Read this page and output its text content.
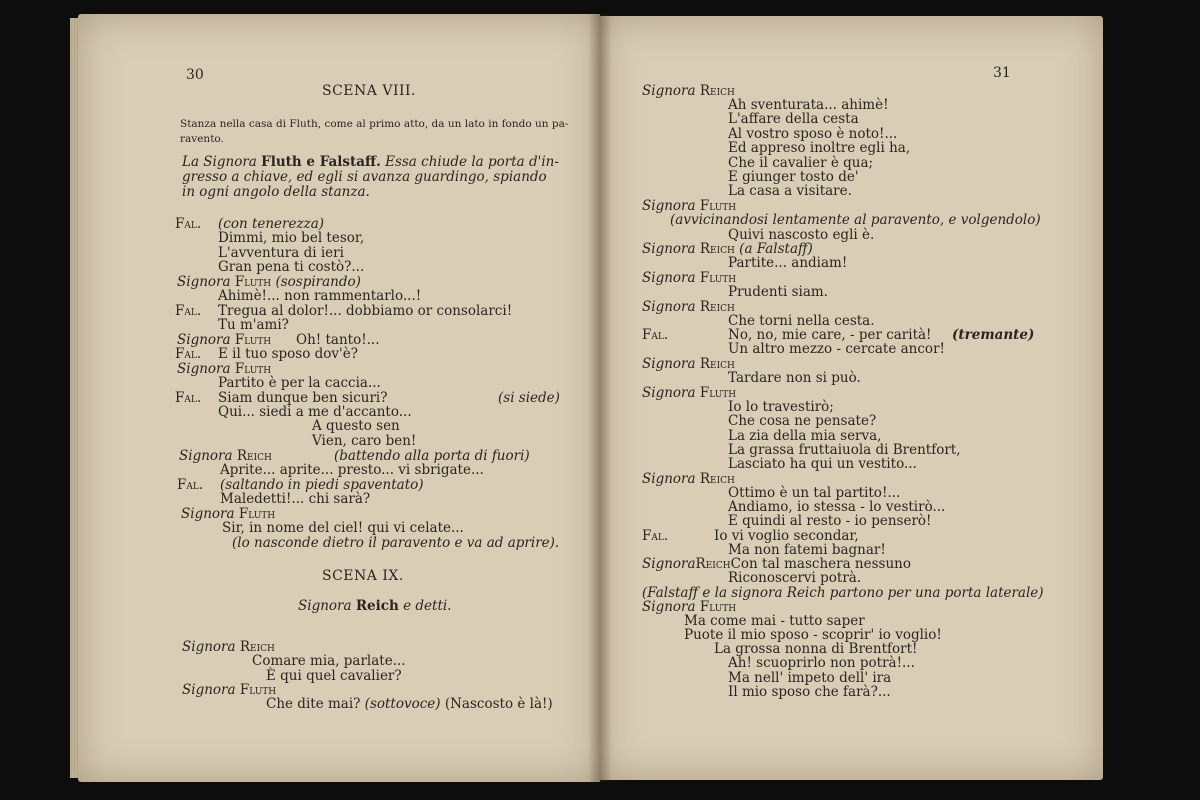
30
SCENA VIII.
Stanza nella casa di Fluth, come al primo atto, da un lato in fondo un pa-
ravento.
La Signora Fluth e Falstaff. Essa chiude la porta d'in-
gresso a chiave, ed egli si avanza guardingo, spiando
in ogni angolo della stanza.
Fal. (con tenerezza)
Dimmi, mio bel tesor,
L'avventura di ieri
Gran pena ti costò?...
Signora Fluth (sospirando)
Ahimè!... non rammentarlo...!
Fal. Tregua al dolor!... dobbiamo or consolarci!
Tu m'ami?
Signora Fluth Oh! tanto!...
Fal. E il tuo sposo dov'è?
Signora Fluth
Partito è per la caccia...
Fal. Siam dunque ben sicuri?	(si siede)
Qui... siedi a me d'accanto...
A questo sen
Vien, caro ben!
Signora Reich	(battendo alla porta di fuori)
Aprite... aprite... presto... vi sbrigate...
Fal. (saltando in piedi spaventato)
Maledetti!... chi sarà?
Signora Fluth
Sir, in nome del ciel! qui vi celate...
(lo nasconde dietro il paravento e va ad aprire).
SCENA IX.
Signora Reich e detti.
Signora Reich
Comare mia, parlate...
È qui quel cavalier?
Signora Fluth
Che dite mai? (sottovoce) (Nascosto è là!)
31
Signora Reich
Ah sventurata... ahimè!
L'affare della cesta
Al vostro sposo è noto!...
Ed appreso inoltre egli ha,
Che il cavalier è qua;
E giunger tosto de'
La casa a visitare.
Signora Fluth
(avvicinandosi lentamente al paravento, e volgendolo)
Quivi nascosto egli è.
Signora Reich (a Falstaff)
Partite... andiam!
Signora Fluth
Prudenti siam.
Signora Reich
Che torni nella cesta.
Fal.	No, no, mie care, - per carità! (tremante)
Un altro mezzo - cercate ancor!
Signora Reich
Tardare non si può.
Signora Fluth
Io lo travestirò;
Che cosa ne pensate?
La zia della mia serva,
La grassa fruttaiuola di Brentfort,
Lasciato ha qui un vestito...
Signora Reich
Ottimo è un tal partito!...
Andiamo, io stessa - lo vestirò...
E quindi al resto - io penserò!
Fal.	Io vi voglio secondar,
Ma non fatemi bagnar!
SignoraReichCon tal maschera nessuno
Riconoscervi potrà.
(Falstaff e la signora Reich partono per una porta laterale)
Signora Fluth
Ma come mai - tutto saper
Puote il mio sposo - scoprir' io voglio!
La grossa nonna di Brentfort!
Ah! scuoprirlo non potrà!...
Ma nell' impeto dell' ira
Il mio sposo che farà?...
